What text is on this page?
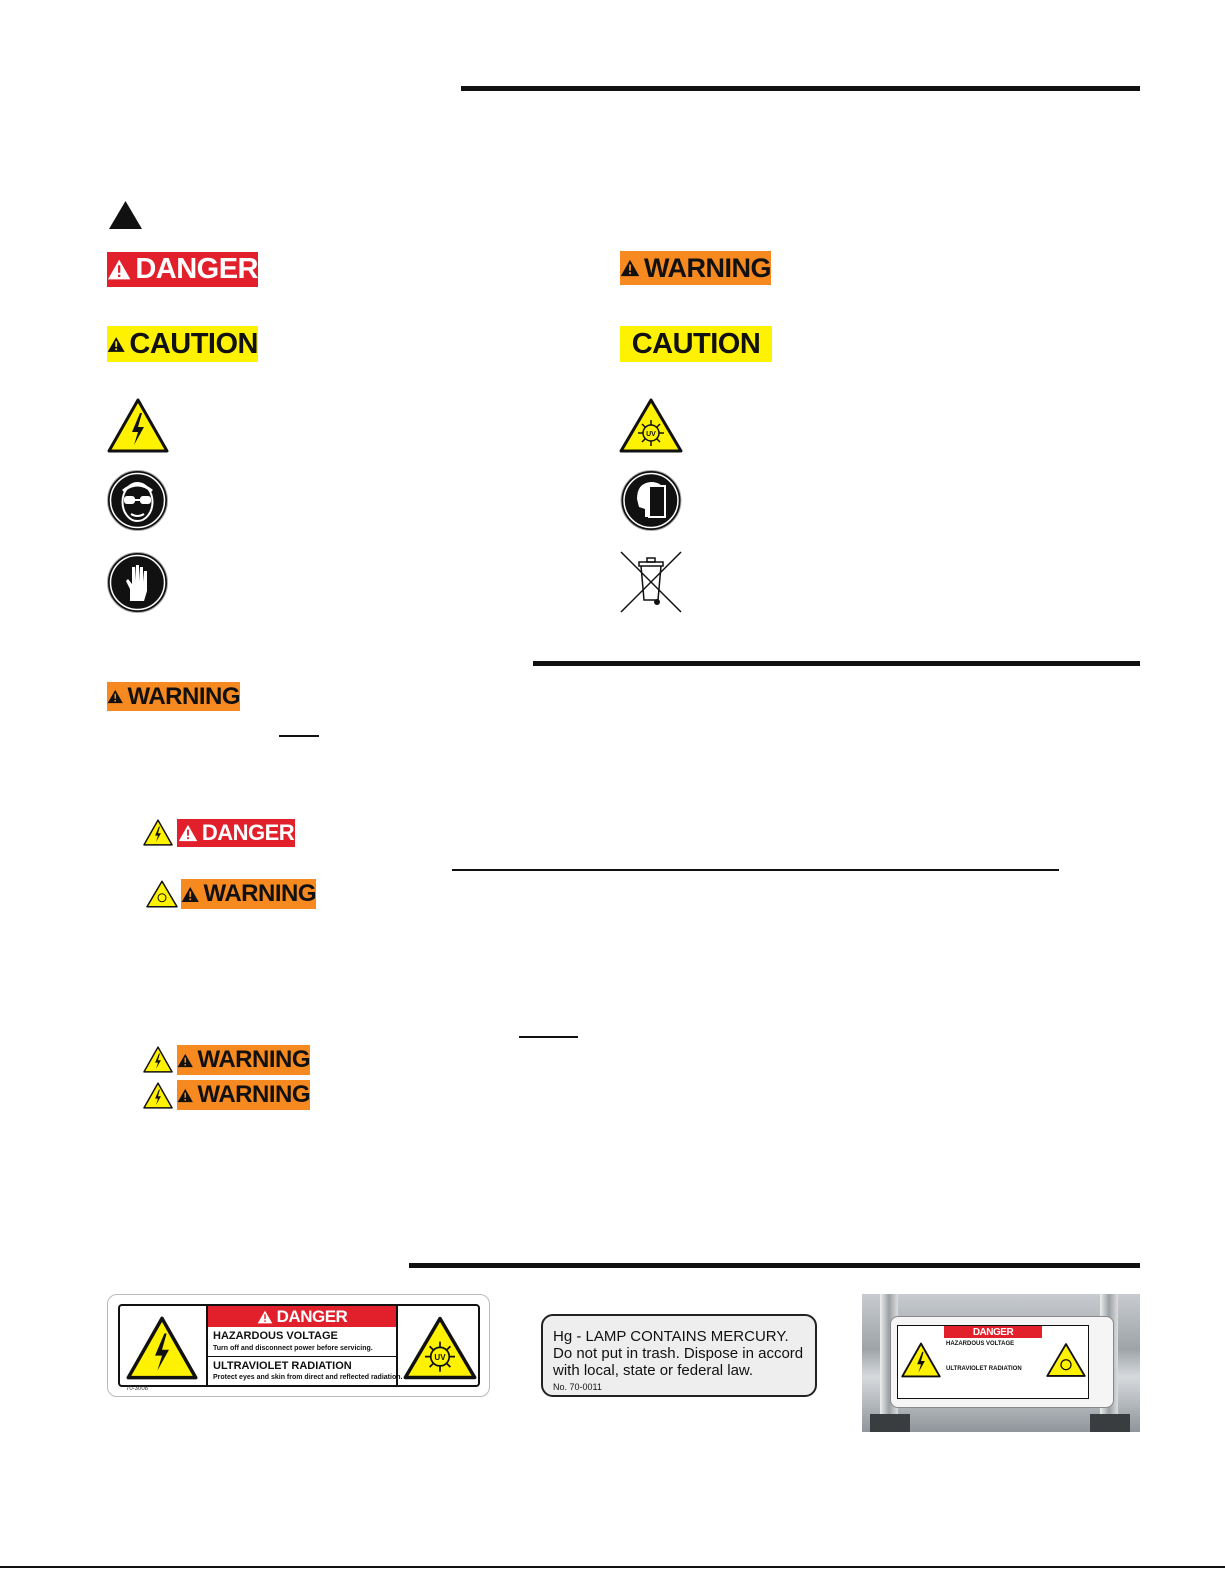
DANGER	WARNING
CAUTION	CAUTION
UV
WARNING
DANGER
WARNING
WARNING
WARNING
DANGER
HAZARDOUS VOLTAGE
Turn off and disconnect power before servicing.
ULTRAVIOLET RADIATION
Protect eyes and skin from direct and reflected radiation.
UV
70-3008
Hg - LAMP CONTAINS MERCURY.
Do not put in trash. Dispose in accord
with local, state or federal law.
No. 70-0011
DANGER
HAZARDOUS VOLTAGE
ULTRAVIOLET RADIATION
